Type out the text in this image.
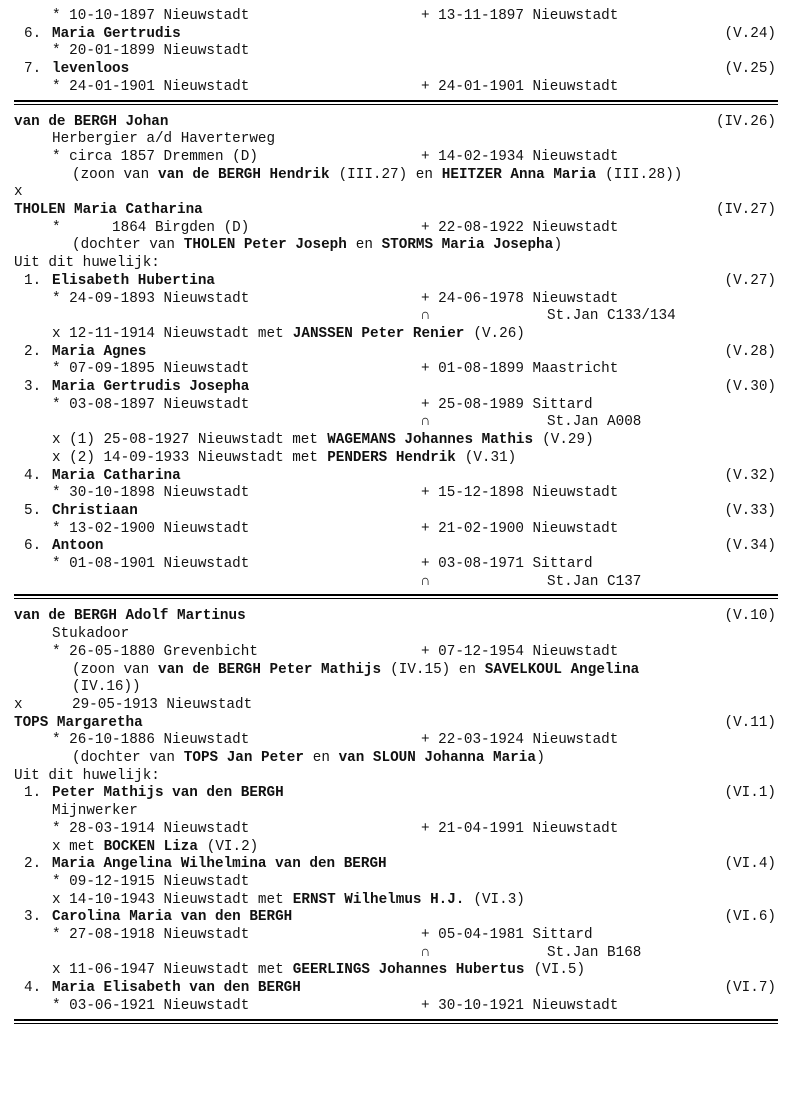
* 10-10-1897 Nieuwstadt	+ 13-11-1897 Nieuwstadt
6. Maria Gertrudis	(V.24)
* 20-01-1899 Nieuwstadt
7. levenloos	(V.25)
* 24-01-1901 Nieuwstadt	+ 24-01-1901 Nieuwstadt
van de BERGH Johan	(IV.26)
Herbergier a/d Haverterweg
* circa 1857 Dremmen (D)	+ 14-02-1934 Nieuwstadt
(zoon van van de BERGH Hendrik (III.27) en HEITZER Anna Maria (III.28))
x
THOLEN Maria Catharina	(IV.27)
*      1864 Birgden (D)	+ 22-08-1922 Nieuwstadt
(dochter van THOLEN Peter Joseph en STORMS Maria Josepha )
Uit dit huwelijk:
1. Elisabeth Hubertina	(V.27)
* 24-09-1893 Nieuwstadt	+ 24-06-1978 Nieuwstadt
∩	St.Jan C133/134
x 12-11-1914 Nieuwstadt met JANSSEN Peter Renier (V.26)
2. Maria Agnes	(V.28)
* 07-09-1895 Nieuwstadt	+ 01-08-1899 Maastricht
3. Maria Gertrudis Josepha	(V.30)
* 03-08-1897 Nieuwstadt	+ 25-08-1989 Sittard
∩	St.Jan A008
x (1) 25-08-1927 Nieuwstadt met WAGEMANS Johannes Mathis (V.29)
x (2) 14-09-1933 Nieuwstadt met PENDERS Hendrik (V.31)
4. Maria Catharina	(V.32)
* 30-10-1898 Nieuwstadt	+ 15-12-1898 Nieuwstadt
5. Christiaan	(V.33)
* 13-02-1900 Nieuwstadt	+ 21-02-1900 Nieuwstadt
6. Antoon	(V.34)
* 01-08-1901 Nieuwstadt	+ 03-08-1971 Sittard
∩	St.Jan C137
van de BERGH Adolf Martinus	(V.10)
Stukadoor
* 26-05-1880 Grevenbicht	+ 07-12-1954 Nieuwstadt
(zoon van van de BERGH Peter Mathijs (IV.15) en SAVELKOUL Angelina
(IV.16))
x	29-05-1913 Nieuwstadt
TOPS Margaretha	(V.11)
* 26-10-1886 Nieuwstadt	+ 22-03-1924 Nieuwstadt
(dochter van TOPS Jan Peter en van SLOUN Johanna Maria )
Uit dit huwelijk:
1. Peter Mathijs van den BERGH	(VI.1)
Mijnwerker
* 28-03-1914 Nieuwstadt	+ 21-04-1991 Nieuwstadt
x met BOCKEN Liza (VI.2)
2. Maria Angelina Wilhelmina van den BERGH	(VI.4)
* 09-12-1915 Nieuwstadt
x 14-10-1943 Nieuwstadt met ERNST Wilhelmus H.J. (VI.3)
3. Carolina Maria van den BERGH	(VI.6)
* 27-08-1918 Nieuwstadt	+ 05-04-1981 Sittard
∩	St.Jan B168
x 11-06-1947 Nieuwstadt met GEERLINGS Johannes Hubertus (VI.5)
4. Maria Elisabeth van den BERGH	(VI.7)
* 03-06-1921 Nieuwstadt	+ 30-10-1921 Nieuwstadt
